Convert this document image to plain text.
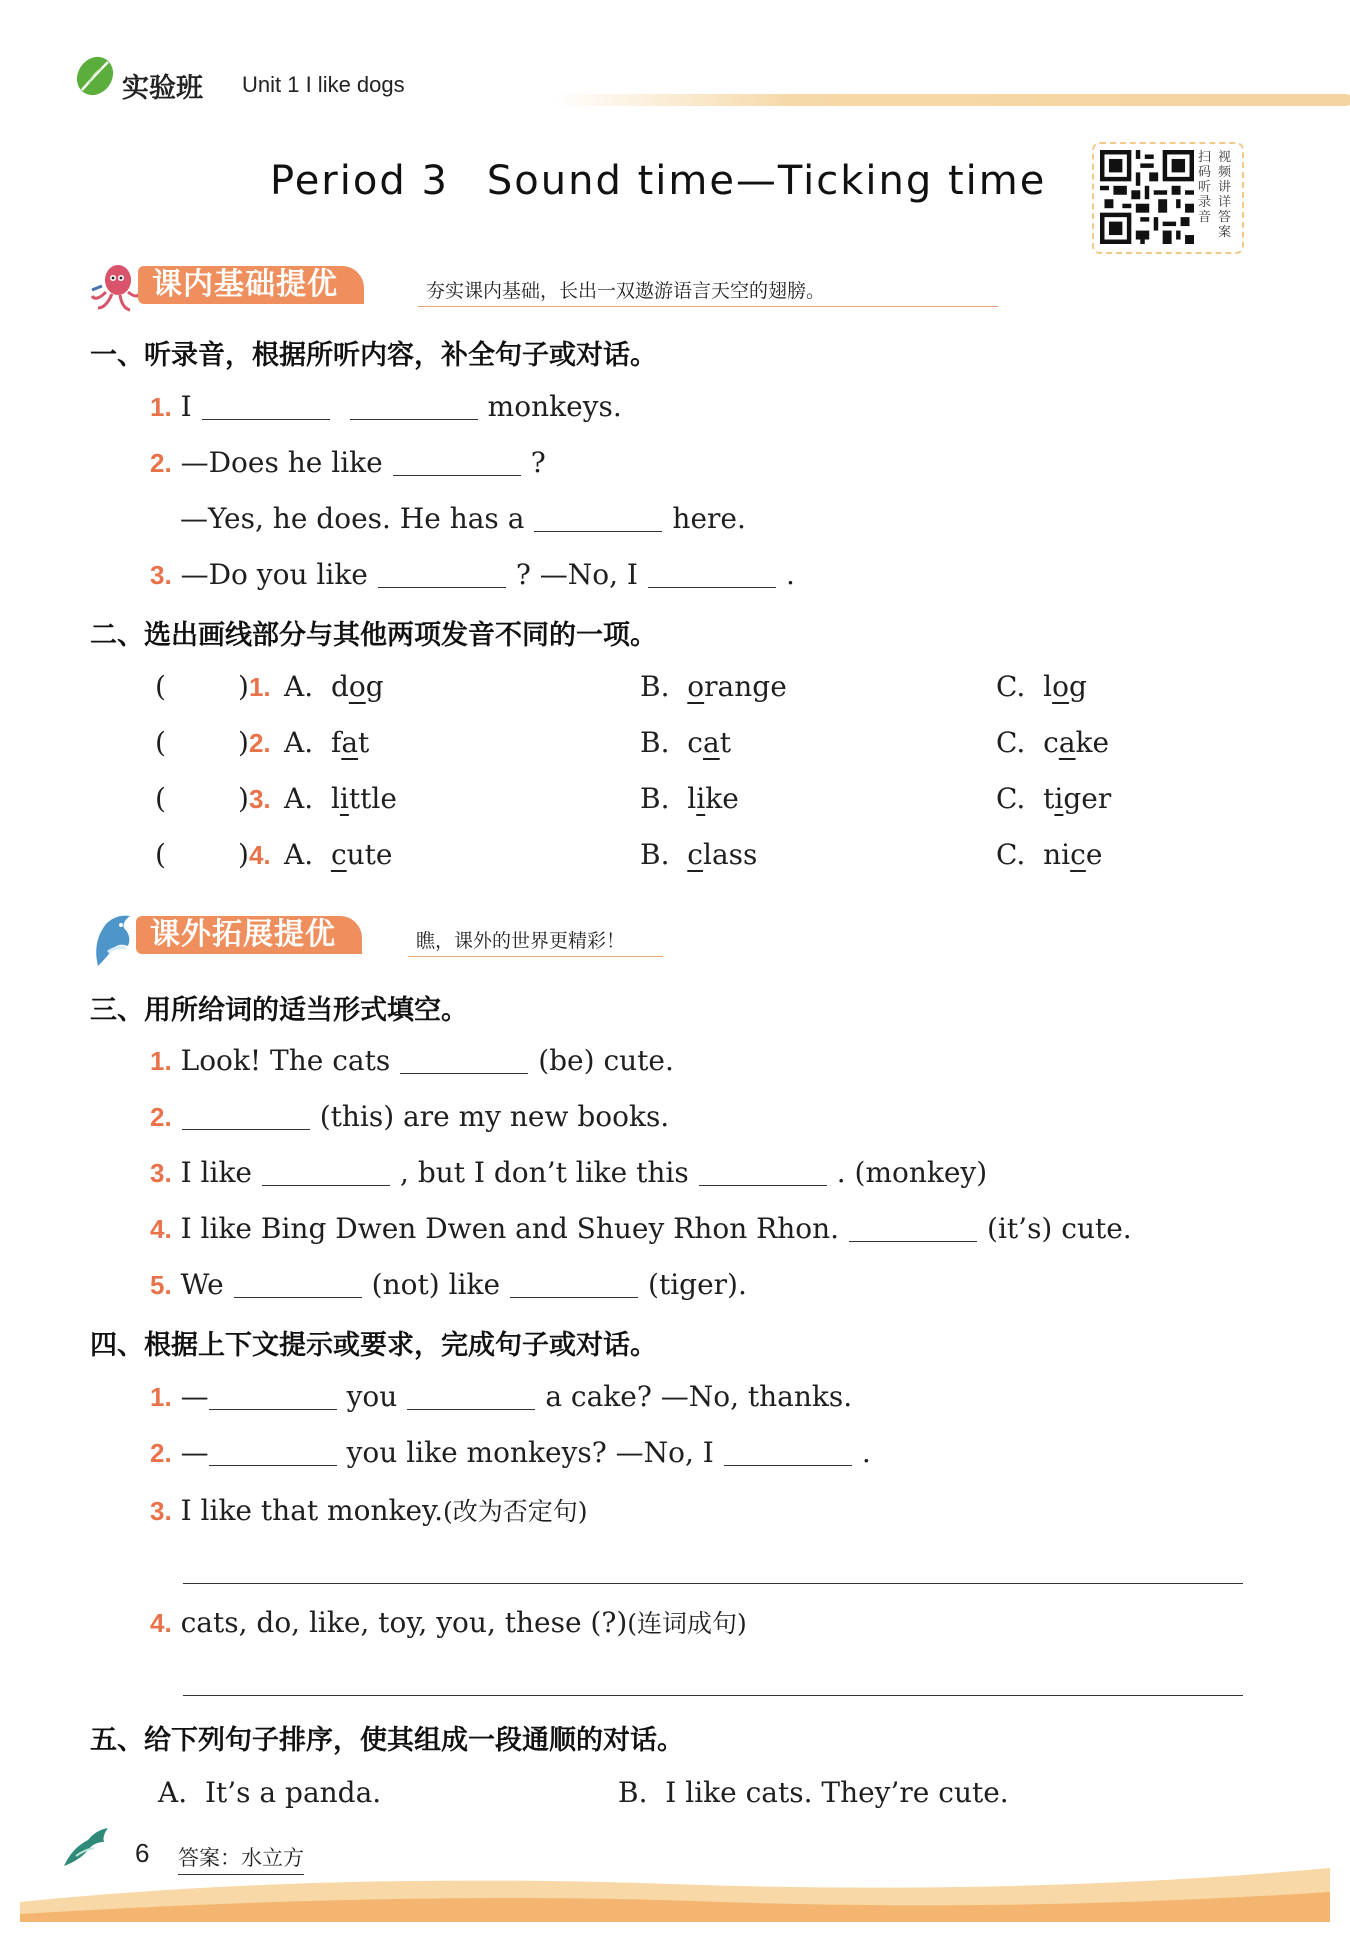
实验班 Unit 1 I like dogs
Period 3 Sound time—Ticking time
扫 视
码 频
听 讲
录 详
音 答
案
课内基础提优	夯实课内基础，长出一双遨游语言天空的翅膀。
一、听录音，根据所听内容，补全句子或对话。
1. I	monkeys.
2. —Does he like	?
—Yes, he does. He has a	here.
3. —Do you like	? —No, I	.
二、选出画线部分与其他两项发音不同的一项。
(	)1. A. dog	B. orange	C. log
(	)2. A. fat	B. cat	C. cake
(	)3. A. little	B. like	C. tiger
(	)4. A. cute	B. class	C. nice
课外拓展提优	瞧，课外的世界更精彩！
三、用所给词的适当形式填空。
1. Look! The cats	(be) cute.
2.	(this) are my new books.
3. I like	, but I don’t like this	. (monkey)
4. I like Bing Dwen Dwen and Shuey Rhon Rhon.	(it’s) cute.
5. We	(not) like	(tiger).
四、根据上下文提示或要求，完成句子或对话。
1. —	you	a cake? —No, thanks.
2. —	you like monkeys? —No, I	.
3. I like that monkey.(改为否定句)
4. cats, do, like, toy, you, these (?)(连词成句)
五、给下列句子排序，使其组成一段通顺的对话。
A. It’s a panda.	B. I like cats. They’re cute.
6 答案：水立方
